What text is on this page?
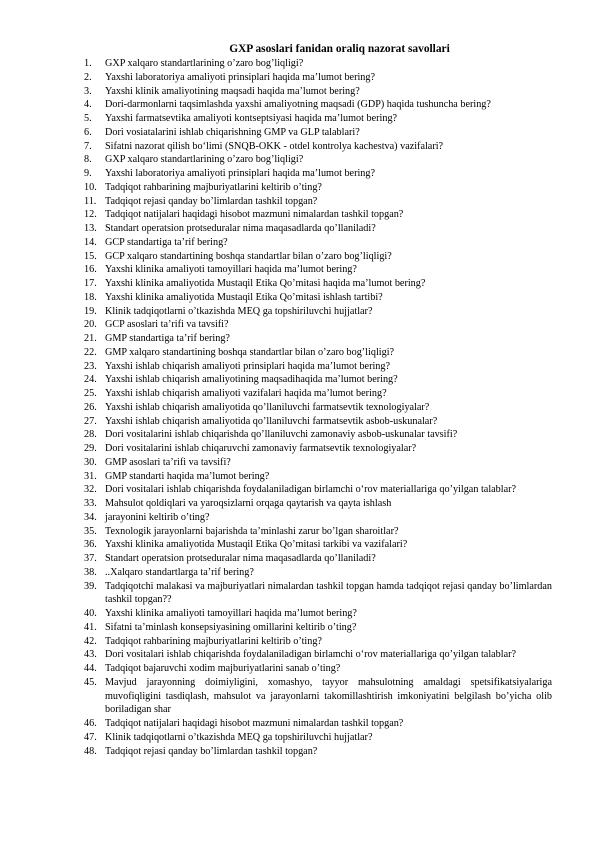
GXP asoslari fanidan oraliq nazorat savollari
1. GXP xalqaro standartlarining o’zaro bog’liqligi?
2. Yaxshi laboratoriya amaliyoti prinsiplari haqida ma’lumot bering?
3. Yaxshi klinik amaliyotining maqsadi haqida ma’lumot bering?
4. Dori-darmonlarni taqsimlashda yaxshi amaliyotning maqsadi (GDP) haqida tushuncha bering?
5. Yaxshi farmatsevtika amaliyoti kontseptsiyasi haqida ma’lumot bering?
6. Dori vosiatalarini ishlab chiqarishning GMP va GLP talablari?
7. Sifatni nazorat qilish bo‘limi (SNQB-OKK - otdel kontrolya kachestva) vazifalari?
8. GXP xalqaro standartlarining o’zaro bog’liqligi?
9. Yaxshi laboratoriya amaliyoti prinsiplari haqida ma’lumot bering?
10. Tadqiqot rahbarining majburiyatlarini keltirib o’ting?
11. Tadqiqot rejasi qanday bo’limlardan tashkil topgan?
12. Tadqiqot natijalari haqidagi hisobot mazmuni nimalardan tashkil topgan?
13. Standart operatsion protseduralar nima maqasadlarda qo’llaniladi?
14. GCP standartiga ta’rif bering?
15. GCP xalqaro standartining boshqa standartlar bilan o’zaro bog’liqligi?
16. Yaxshi klinika amaliyoti tamoyillari haqida ma’lumot bering?
17. Yaxshi klinika amaliyotida Mustaqil Etika Qo’mitasi haqida ma’lumot bering?
18. Yaxshi klinika amaliyotida Mustaqil Etika Qo’mitasi ishlash tartibi?
19. Klinik tadqiqotlarni o’tkazishda MEQ ga topshiriluvchi hujjatlar?
20. GCP asoslari ta’rifi va tavsifi?
21. GMP standartiga ta’rif bering?
22. GMP xalqaro standartining boshqa standartlar bilan o’zaro bog’liqligi?
23. Yaxshi ishlab chiqarish amaliyoti prinsiplari haqida ma’lumot bering?
24. Yaxshi ishlab chiqarish amaliyotining maqsadihaqida ma’lumot bering?
25. Yaxshi ishlab chiqarish amaliyoti vazifalari haqida ma’lumot bering?
26. Yaxshi ishlab chiqarish amaliyotida qo’llaniluvchi farmatsevtik texnologiyalar?
27. Yaxshi ishlab chiqarish amaliyotida qo’llaniluvchi farmatsevtik asbob-uskunalar?
28. Dori vositalarini ishlab chiqarishda qo’llaniluvchi zamonaviy asbob-uskunalar tavsifi?
29. Dori vositalarini ishlab chiqaruvchi zamonaviy farmatsevtik texnologiyalar?
30. GMP asoslari ta’rifi va tavsifi?
31. GMP standarti haqida ma’lumot bering?
32. Dori vositalari ishlab chiqarishda foydalaniladigan birlamchi o‘rov materiallariga qo’yilgan talablar?
33. Mahsulot qoldiqlari va yaroqsizlarni orqaga qaytarish va qayta ishlash
34. jarayonini keltirib o’ting?
35. Texnologik jarayonlarni bajarishda ta’minlashi zarur bo’lgan sharoitlar?
36. Yaxshi klinika amaliyotida Mustaqil Etika Qo’mitasi tarkibi va vazifalari?
37. Standart operatsion protseduralar nima maqasadlarda qo’llaniladi?
38. ..Xalqaro standartlarga ta’rif bering?
39. Tadqiqotchi malakasi va majburiyatlari nimalardan tashkil topgan hamda tadqiqot rejasi qanday bo’limlardan tashkil topgan??
40. Yaxshi klinika amaliyoti tamoyillari haqida ma’lumot bering?
41. Sifatni ta’minlash konsepsiyasining omillarini keltirib o’ting?
42. Tadqiqot rahbarining majburiyatlarini keltirib o’ting?
43. Dori vositalari ishlab chiqarishda foydalaniladigan birlamchi o‘rov materiallariga qo’yilgan talablar?
44. Tadqiqot bajaruvchi xodim majburiyatlarini sanab o’ting?
45. Mavjud jarayonning doimiyligini, xomashyo, tayyor mahsulotning amaldagi spetsifikatsiyalariga muvofiqligini tasdiqlash, mahsulot va jarayonlarni takomillashtirish imkoniyatini belgilash bo’yicha olib boriladigan shar
46. Tadqiqot natijalari haqidagi hisobot mazmuni nimalardan tashkil topgan?
47. Klinik tadqiqotlarni o’tkazishda MEQ ga topshiriluvchi hujjatlar?
48. Tadqiqot rejasi qanday bo’limlardan tashkil topgan?
